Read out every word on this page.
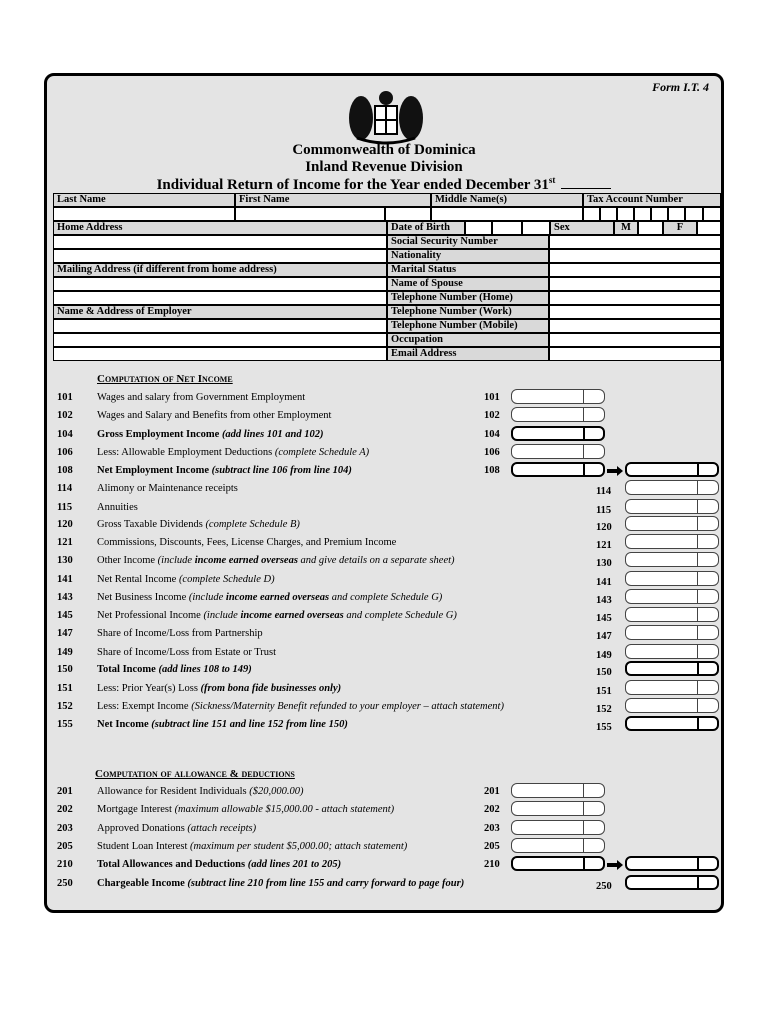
Form I.T. 4
Commonwealth of Dominica
Inland Revenue Division
Individual Return of Income for the Year ended December 31st
Last Name	First Name	Middle Name(s)	Tax Account Number
Home Address	Date of Birth	Sex	M	F
Mailing Address (if different from home address)
Name & Address of Employer
Social Security Number
Nationality
Marital Status
Name of Spouse
Telephone Number (Home)
Telephone Number (Work)
Telephone Number (Mobile)
Occupation
Email Address
Computation of Net Income
Computation of allowance & deductions
101 Wages and salary from Government Employment	101
102 Wages and Salary and Benefits from other Employment	102
104 Gross Employment Income (add lines 101 and 102)	104
106 Less: Allowable Employment Deductions (complete Schedule A)	106
108 Net Employment Income (subtract line 106 from line 104)	108
114 Alimony or Maintenance receipts	114
115 Annuities	115
120 Gross Taxable Dividends (complete Schedule B)	120
121 Commissions, Discounts, Fees, License Charges, and Premium Income	121
130 Other Income (include income earned overseas and give details on a separate sheet)	130
141 Net Rental Income (complete Schedule D)	141
143 Net Business Income (include income earned overseas and complete Schedule G)	143
145 Net Professional Income (include income earned overseas and complete Schedule G)	145
147 Share of Income/Loss from Partnership	147
149 Share of Income/Loss from Estate or Trust	149
150 Total Income (add lines 108 to 149)	150
151 Less: Prior Year(s) Loss (from bona fide businesses only)	151
152 Less: Exempt Income (Sickness/Maternity Benefit refunded to your employer – attach statement)	152
155 Net Income (subtract line 151 and line 152 from line 150)	155
201 Allowance for Resident Individuals ($20,000.00)	201
202 Mortgage Interest (maximum allowable $15,000.00 - attach statement)	202
203 Approved Donations (attach receipts)	203
205 Student Loan Interest (maximum per student $5,000.00; attach statement)	205
210 Total Allowances and Deductions (add lines 201 to 205)	210
250 Chargeable Income (subtract line 210 from line 155 and carry forward to page four)	250
